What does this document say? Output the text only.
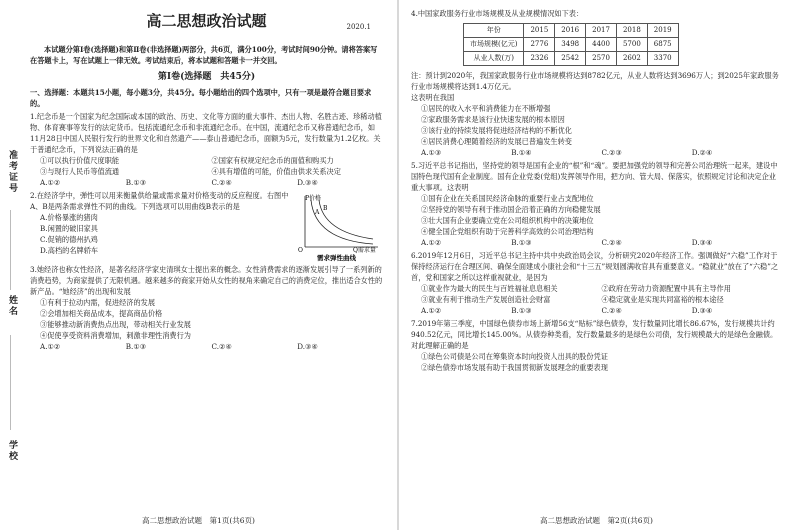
准考证号
姓名
学校
高二思想政治试题	2020.1

本试题分第Ⅰ卷(选择题)和第Ⅱ卷(非选择题)两部分，共6页，满分100分，考试时间90分钟。请将答案写在答题卡上，写在试题上一律无效。考试结束后，将本试题和答题卡一并交回。

第Ⅰ卷(选择题　共45分)

一、选择题：本题共15小题，每小题3分，共45分。每小题给出的四个选项中，只有一项是最符合题目要求的。

1.纪念币是一个国家为纪念国际或本国的政治、历史、文化等方面的重大事件、杰出人物、名胜古迹、珍稀动植物、体育赛事等发行的法定货币。包括流通纪念币和非流通纪念币。在中国，流通纪念币又称普通纪念币，如11月28日中国人民银行发行的世界文化和自然遗产——泰山普通纪念币，面额为5元，发行数量为1.2亿枚。关于普通纪念币，下列说法正确的是

①可以执行价值尺度职能	②国家有权规定纪念币的面值和购买力
③与现行人民币等值流通	④具有增值的可能，价值由供求关系决定
A.①②	B.①③	C.②④	D.③④

2.在经济学中，弹性可以用来衡量供给量或需求量对价格变动的反应程度。右图中A、B是两条需求弹性不同的曲线。下列选项可以用曲线B表示的是

A.价格暴涨的猪肉

B.闲置的破旧家具

C.促销的德州扒鸡

D.高档的名牌轿车

P价格
O	Q需求量
A
B
需求弹性曲线

3.她经济也称女性经济，是著名经济学家史清琪女士提出来的概念。女性消费需求的逐渐发展引导了一系列新的消费趋势，为商家提供了无限机遇。越来越多的商家开始从女性的视角来确定自己的消费定位，推出适合女性的新产品。“她经济”的出现和发展

①有利于拉动内需，促进经济的发展

②会增加相关商品成本，提高商品价格

③能够推动新消费热点出现，带动相关行业发展

④促使享受资料消费增加，刺激非理性消费行为

A.①②	B.①③	C.②④	D.③④
高二思想政治试题　第1页(共6页)

4.中国家政服务行业市场规模及从业规模情况如下表：

年份	2015	2016	2017	2018	2019
市场规模(亿元)	2776	3498	4400	5700	6875
从业人数(万)	2326	2542	2570	2602	3370

注：预计到2020年，我国家政服务行业市场规模将达到8782亿元，从业人数将达到3696万人；到2025年家政服务行业市场规模将达到1.4万亿元。

这表明在我国

①居民的收入水平和消费能力在不断增强

②家政服务需求是该行业快速发展的根本原因

③该行业的持续发展将促进经济结构的不断优化

④居民消费心理随着经济的发展已普遍发生转变

A.①③	B.①④	C.②③	D.②④

5.习近平总书记指出，坚持党的领导是国有企业的“根”和“魂”。要把加强党的领导和完善公司治理统一起来，建设中国特色现代国有企业制度。国有企业党委(党组)发挥领导作用，把方向、管大局、保落实，依照规定讨论和决定企业重大事项。这表明

①国有企业在关系国民经济命脉的重要行业占支配地位

②坚持党的领导有利于推动国企沿着正确的方向稳健发展

③壮大国有企业要确立党在公司组织机构中的决策地位

④健全国企党组织有助于完善科学高效的公司治理结构

A.①②	B.①③	C.②④	D.③④

6.2019年12月6日，习近平总书记主持中共中央政治局会议，分析研究2020年经济工作。强调做好“六稳”工作对于保持经济运行在合理区间、确保全面建成小康社会和“十三五”规划圆满收官具有重要意义。“稳就业”放在了“六稳”之首，党和国家之所以这样重视就业，是因为

①就业作为最大的民生与百姓福祉息息相关	②政府在劳动力资源配置中具有主导作用
③就业有利于推动生产发展创造社会财富	④稳定就业是实现共同富裕的根本途径
A.①②	B.①③	C.②④	D.③④

7.2019年第三季度，中国绿色债券市场上新增56支“贴标”绿色债券，发行数量同比增长86.67%，发行规模共计约940.52亿元，同比增长145.00%。从债券种类看，发行数量最多的是绿色公司债，发行规模最大的是绿色金融债。对此理解正确的是

①绿色公司债是公司在筹集资本时向投资人出具的股份凭证

②绿色债券市场发展有助于我国贯彻新发展理念的重要表现

高二思想政治试题　第2页(共6页)
